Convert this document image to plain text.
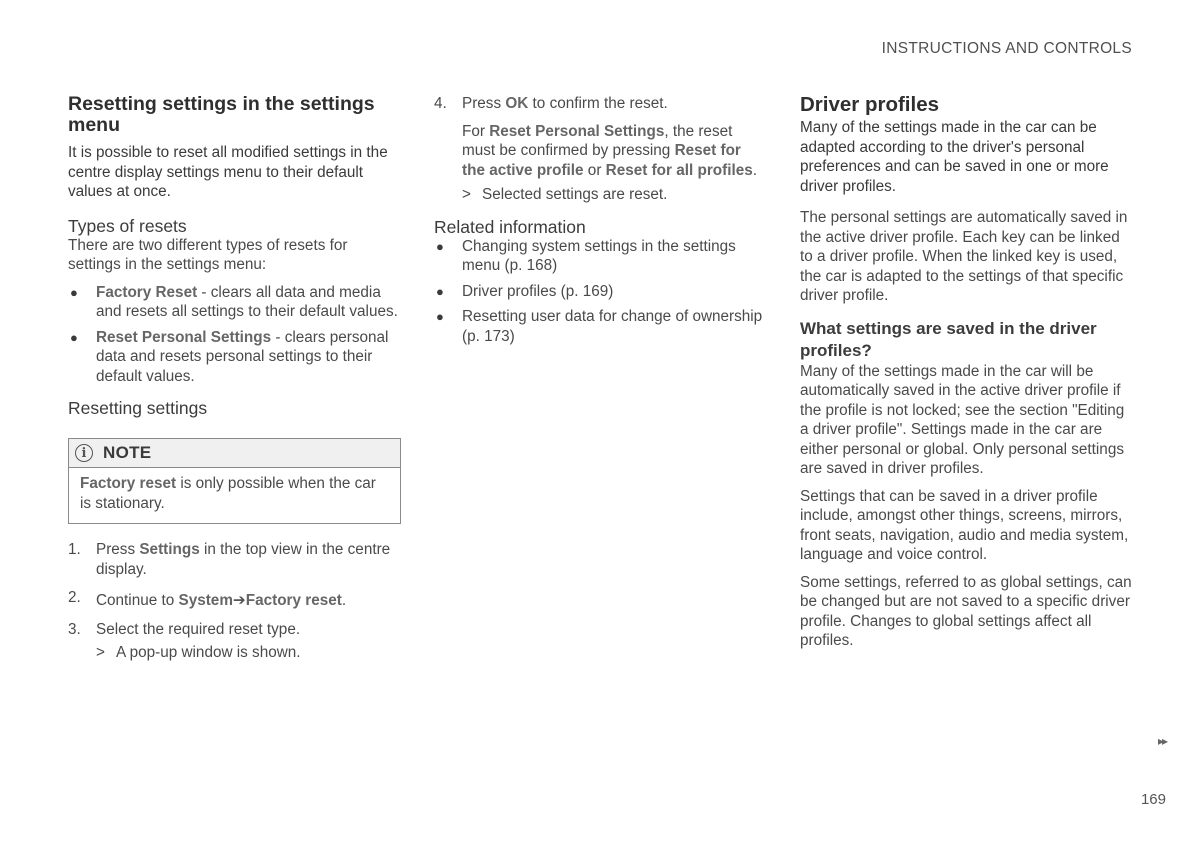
INSTRUCTIONS AND CONTROLS
Resetting settings in the settings menu

It is possible to reset all modified settings in the centre display settings menu to their default values at once.

Types of resets

There are two different types of resets for settings in the settings menu:

● Factory Reset - clears all data and media and resets all settings to their default values.
● Reset Personal Settings - clears personal data and resets personal settings to their default values.
Resetting settings
i NOTE
Factory reset is only possible when the car is stationary.
1. Press Settings in the top view in the centre display.
2. Continue to System➔Factory reset.
3. Select the required reset type.
> A pop-up window is shown.
4. Press OK to confirm the reset.

For Reset Personal Settings, the reset must be confirmed by pressing Reset for the active profile or Reset for all profiles.

> Selected settings are reset.
Related information
● Changing system settings in the settings menu (p. 168)
● Driver profiles (p. 169)
● Resetting user data for change of ownership (p. 173)
Driver profiles

Many of the settings made in the car can be adapted according to the driver's personal preferences and can be saved in one or more driver profiles.

The personal settings are automatically saved in the active driver profile. Each key can be linked to a driver profile. When the linked key is used, the car is adapted to the settings of that specific driver profile.

What settings are saved in the driver profiles?

Many of the settings made in the car will be automatically saved in the active driver profile if the profile is not locked; see the section "Editing a driver profile". Settings made in the car are either personal or global. Only personal settings are saved in driver profiles.

Settings that can be saved in a driver profile include, amongst other things, screens, mirrors, front seats, navigation, audio and media system, language and voice control.

Some settings, referred to as global settings, can be changed but are not saved to a specific driver profile. Changes to global settings affect all profiles.

▸▸
169
